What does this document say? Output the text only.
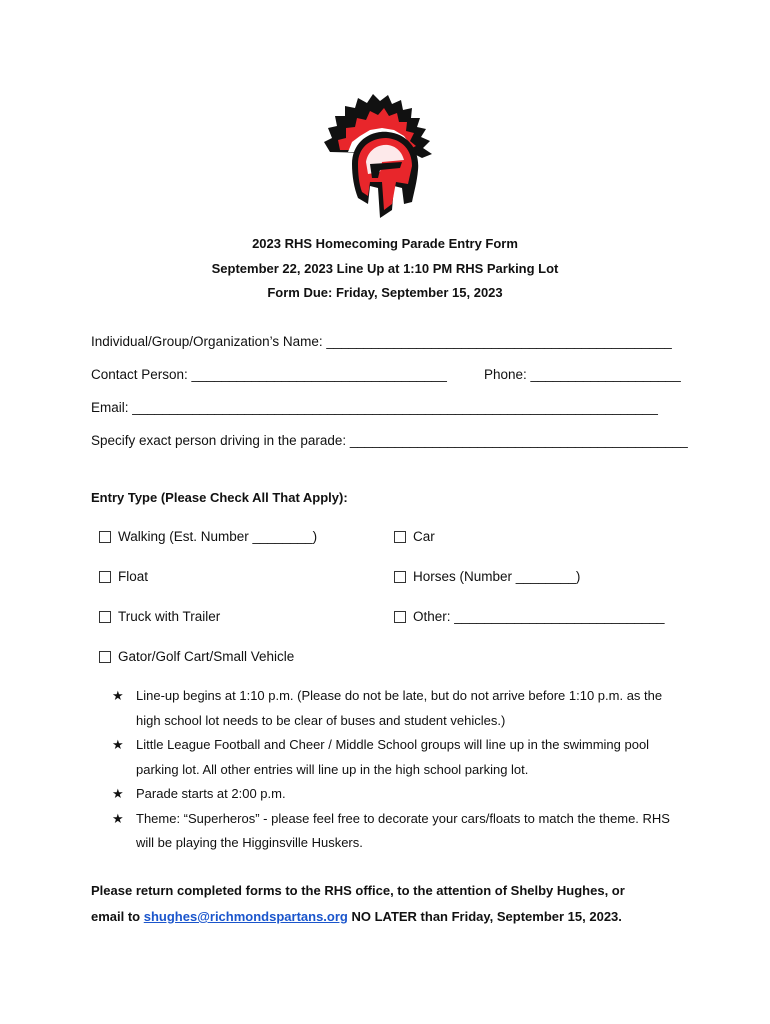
2023 RHS Homecoming Parade Entry Form
September 22, 2023 Line Up at 1:10 PM RHS Parking Lot
Form Due: Friday, September 15, 2023
Individual/Group/Organization’s Name: ______________________________________________
Contact Person: __________________________________	Phone: ____________________
Email: ______________________________________________________________________
Specify exact person driving in the parade: _____________________________________________
Entry Type (Please Check All That Apply):
Walking (Est. Number ________)	Car
Float	Horses (Number ________)
Truck with Trailer	Other: ____________________________
Gator/Golf Cart/Small Vehicle
★ Line-up begins at 1:10 p.m. (Please do not be late, but do not arrive before 1:10 p.m. as the high school lot needs to be clear of buses and student vehicles.)
★ Little League Football and Cheer / Middle School groups will line up in the swimming pool parking lot. All other entries will line up in the high school parking lot.
★ Parade starts at 2:00 p.m.
★ Theme: “Superheros” - please feel free to decorate your cars/floats to match the theme. RHS will be playing the Higginsville Huskers.
Please return completed forms to the RHS office, to the attention of Shelby Hughes, or
email to shughes@richmondspartans.org NO LATER than Friday, September 15, 2023.
